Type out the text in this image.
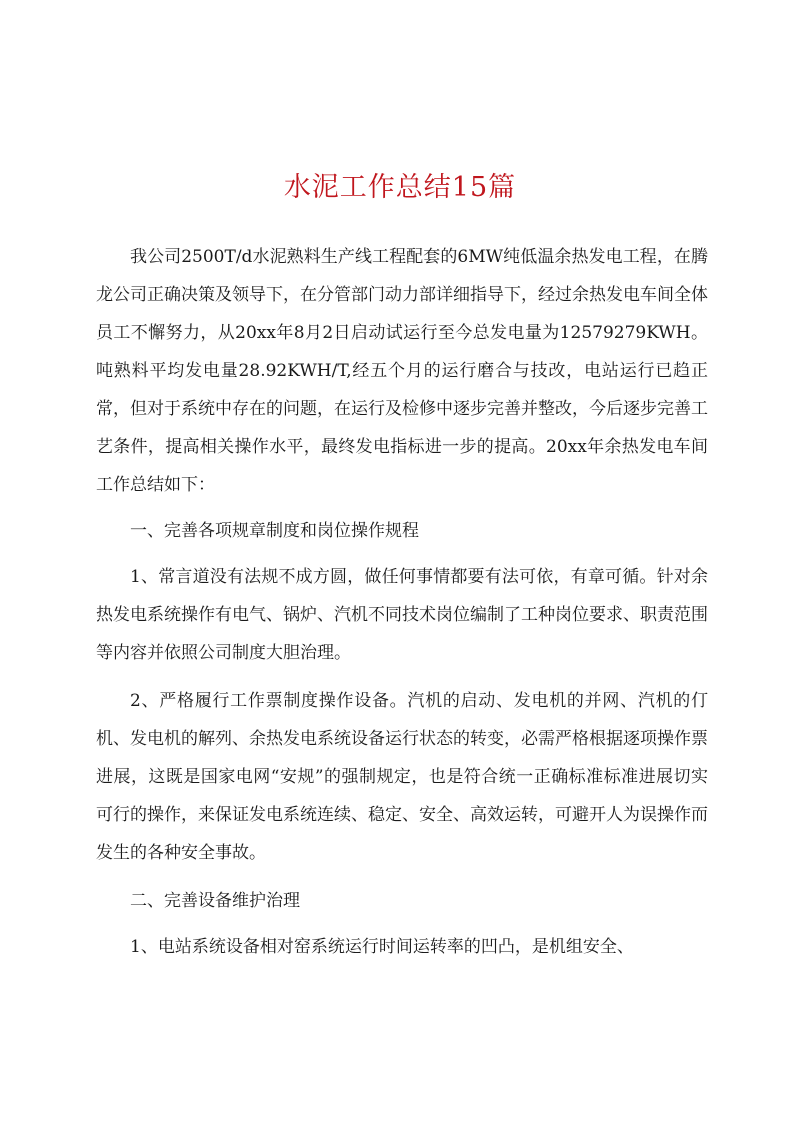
水泥工作总结15篇

我公司2500T/d水泥熟料生产线工程配套的6MW纯低温余热发电工程，在腾龙公司正确决策及领导下，在分管部门动力部详细指导下，经过余热发电车间全体员工不懈努力，从20xx年8月2日启动试运行至今总发电量为12579279KWH。吨熟料平均发电量28.92KWH/T,经五个月的运行磨合与技改，电站运行已趋正常，但对于系统中存在的问题，在运行及检修中逐步完善并整改，今后逐步完善工艺条件，提高相关操作水平，最终发电指标进一步的提高。20xx年余热发电车间工作总结如下：

一、完善各项规章制度和岗位操作规程

1、常言道没有法规不成方圆，做任何事情都要有法可依，有章可循。针对余热发电系统操作有电气、锅炉、汽机不同技术岗位编制了工种岗位要求、职责范围等内容并依照公司制度大胆治理。

2、严格履行工作票制度操作设备。汽机的启动、发电机的并网、汽机的仃机、发电机的解列、余热发电系统设备运行状态的转变，必需严格根据逐项操作票进展，这既是国家电网“安规”的强制规定，也是符合统一正确标准标准进展切实可行的操作，来保证发电系统连续、稳定、安全、高效运转，可避开人为误操作而发生的各种安全事故。

二、完善设备维护治理

1、电站系统设备相对窑系统运行时间运转率的凹凸，是机组安全、
